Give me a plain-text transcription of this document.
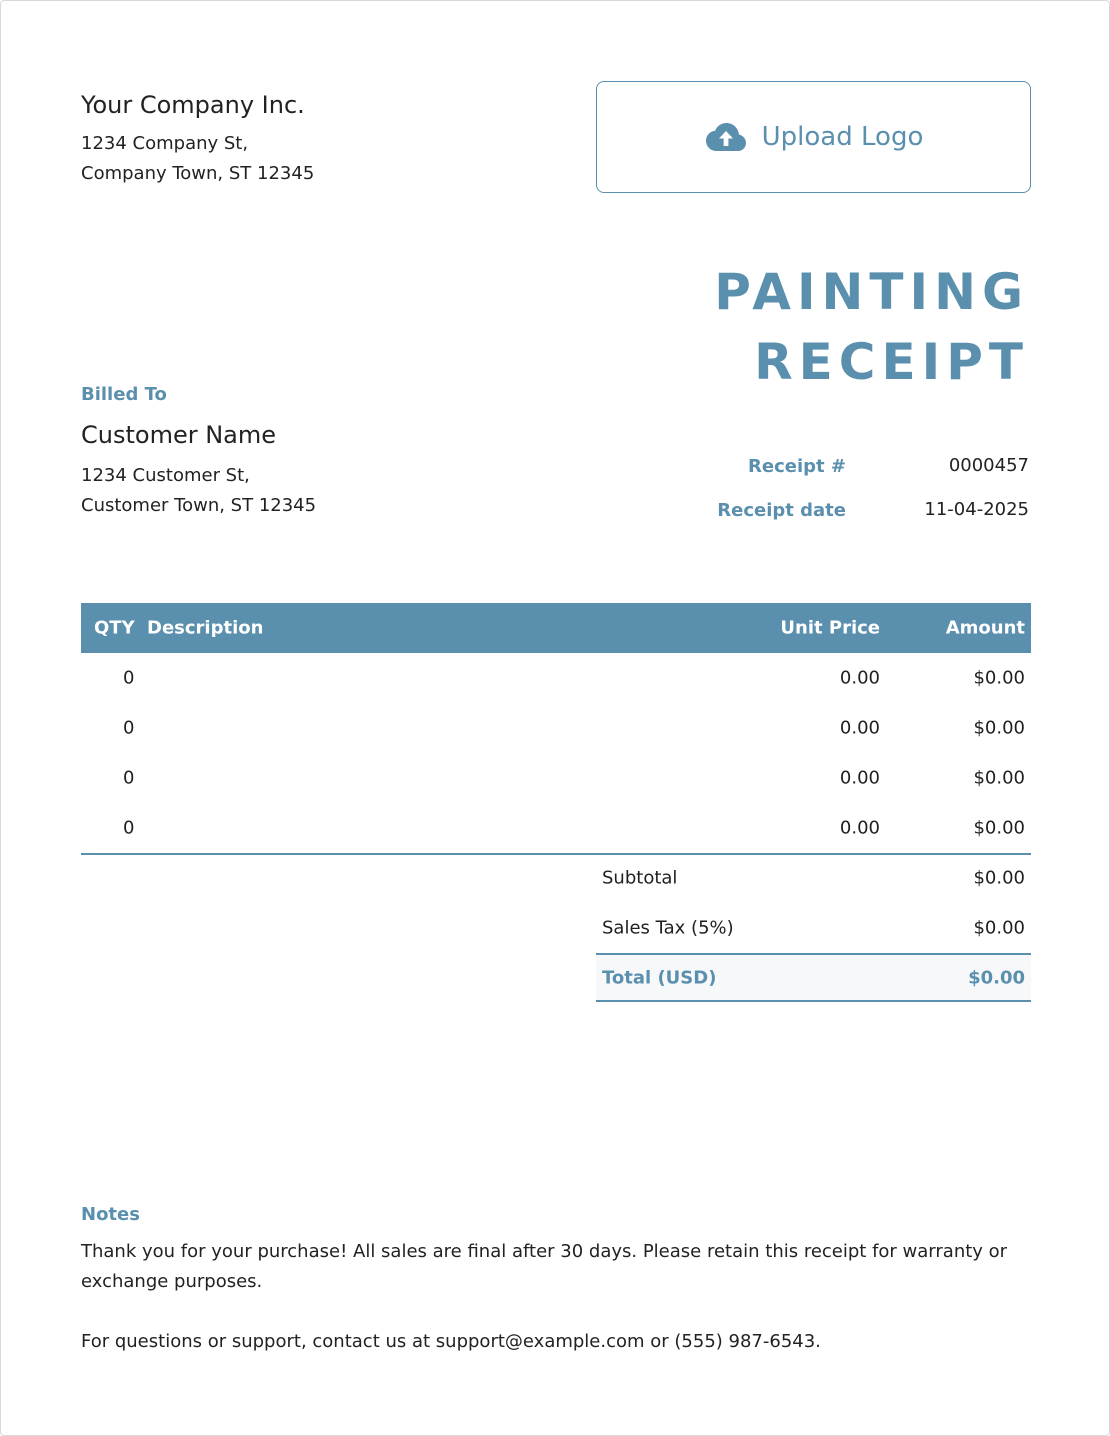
Your Company Inc.
1234 Company St,
Company Town, ST 12345
Upload Logo
PAINTING
RECEIPT
Billed To
Customer Name
1234 Customer St,
Customer Town, ST 12345
Receipt #	0000457
Receipt date	11-04-2025
QTY Description	Unit Price	Amount
0	0.00	$0.00
0	0.00	$0.00
0	0.00	$0.00
0	0.00	$0.00
Subtotal	$0.00
Sales Tax (5%)	$0.00
Total (USD)	$0.00
Notes
Thank you for your purchase! All sales are final after 30 days. Please retain this receipt for warranty or exchange purposes.
For questions or support, contact us at support@example.com or (555) 987-6543.
